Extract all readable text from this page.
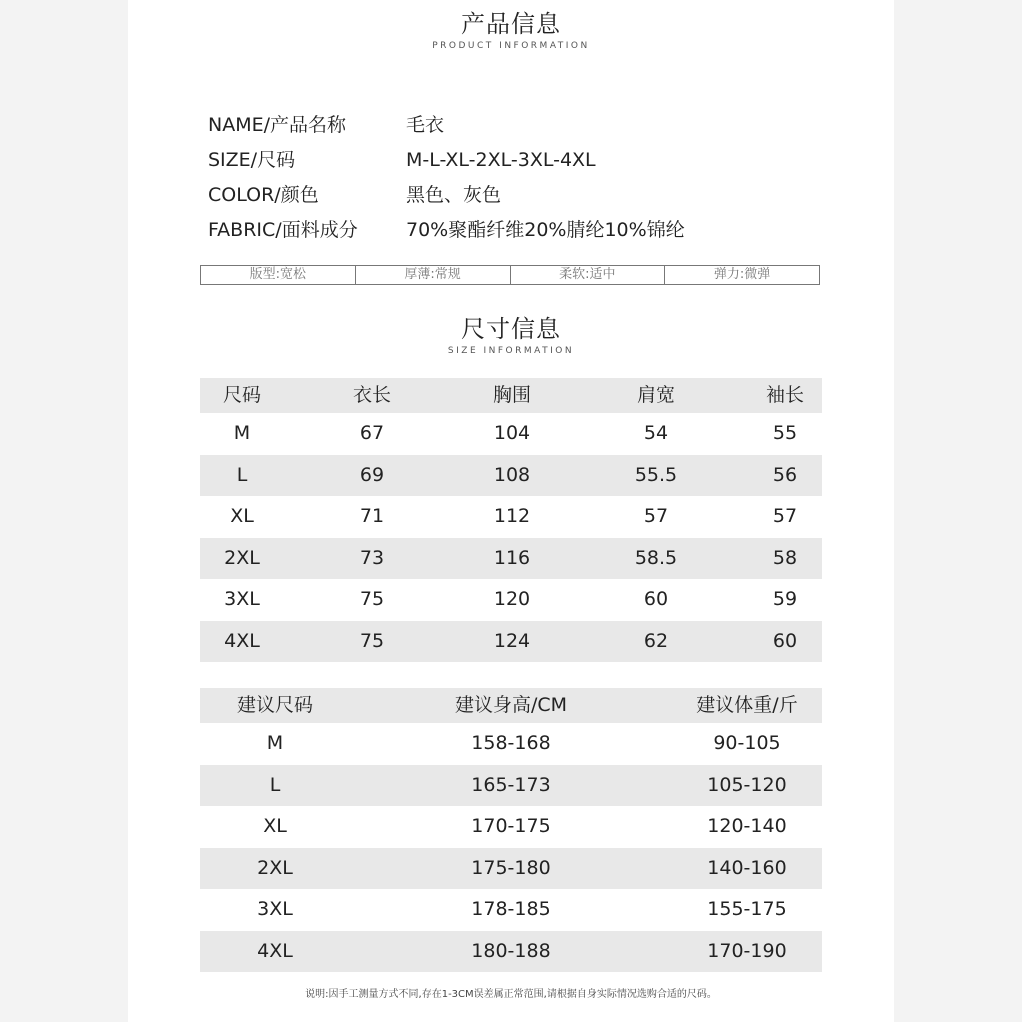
产品信息
PRODUCT INFORMATION
NAME/产品名称	毛衣
SIZE/尺码	M-L-XL-2XL-3XL-4XL
COLOR/颜色	黑色、灰色
FABRIC/面料成分	70%聚酯纤维20%腈纶10%锦纶
版型:宽松	厚薄:常规	柔软:适中	弹力:微弹
尺寸信息
SIZE INFORMATION
尺码	衣长	胸围	肩宽	袖长
M	67	104	54	55
L	69	108	55.5	56
XL	71	112	57	57
2XL	73	116	58.5	58
3XL	75	120	60	59
4XL	75	124	62	60
建议尺码	建议身高/CM	建议体重/斤
M	158-168	90-105
L	165-173	105-120
XL	170-175	120-140
2XL	175-180	140-160
3XL	178-185	155-175
4XL	180-188	170-190
说明:因手工测量方式不同,存在1-3CM误差属正常范围,请根据自身实际情况选购合适的尺码。
